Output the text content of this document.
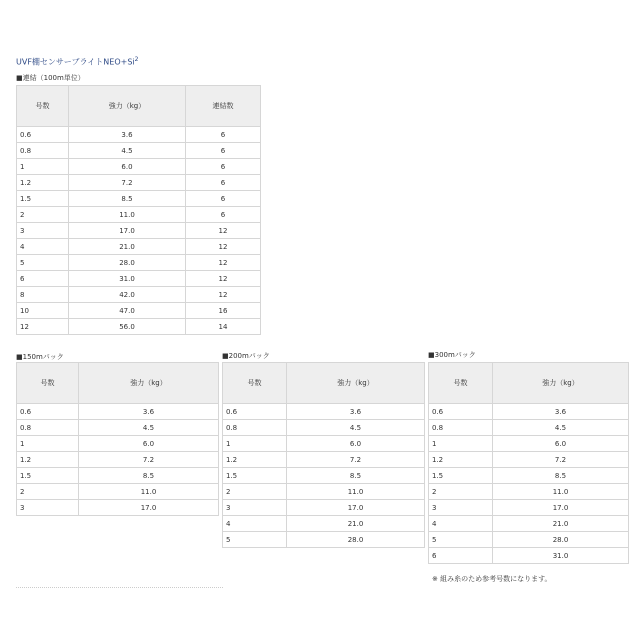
UVF棚センサーブライト$NEO+Si^2$
■連結（100m単位）
号数	強力（kg）	連結数
0.6	3.6	6
0.8	4.5	6
1	6.0	6
1.2	7.2	6
1.5	8.5	6
2	11.0	6
3	17.0	12
4	21.0	12
5	28.0	12
6	31.0	12
8	42.0	12
10	47.0	16
12	56.0	14
■150mパック
号数	強力（kg）
0.6	3.6
0.8	4.5
1	6.0
1.2	7.2
1.5	8.5
2	11.0
3	17.0
■200mパック
号数	強力（kg）
0.6	3.6
0.8	4.5
1	6.0
1.2	7.2
1.5	8.5
2	11.0
3	17.0
4	21.0
5	28.0
■300mパック
号数	強力（kg）
0.6	3.6
0.8	4.5
1	6.0
1.2	7.2
1.5	8.5
2	11.0
3	17.0
4	21.0
5	28.0
6	31.0
※ 組み糸のため参考号数になります。
